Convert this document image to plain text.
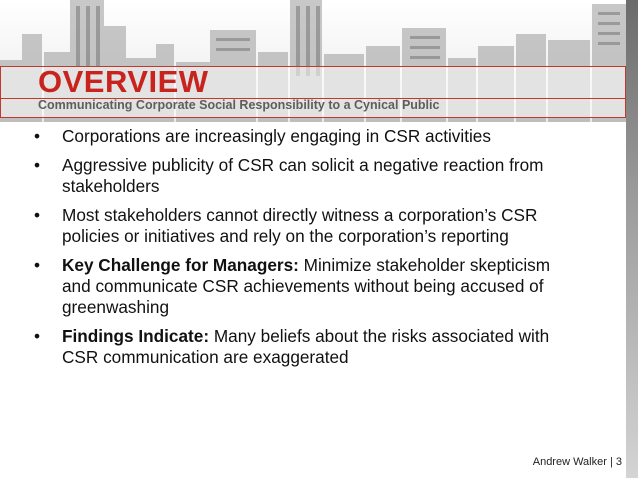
OVERVIEW
Communicating Corporate Social Responsibility to a Cynical Public
• Corporations are increasingly engaging in CSR activities
• Aggressive publicity of CSR can solicit a negative reaction from stakeholders
• Most stakeholders cannot directly witness a corporation’s CSR policies or initiatives and rely on the corporation’s reporting
• Key Challenge for Managers: Minimize stakeholder skepticism and communicate CSR achievements without being accused of greenwashing
• Findings Indicate: Many beliefs about the risks associated with CSR communication are exaggerated
Andrew Walker | 3
